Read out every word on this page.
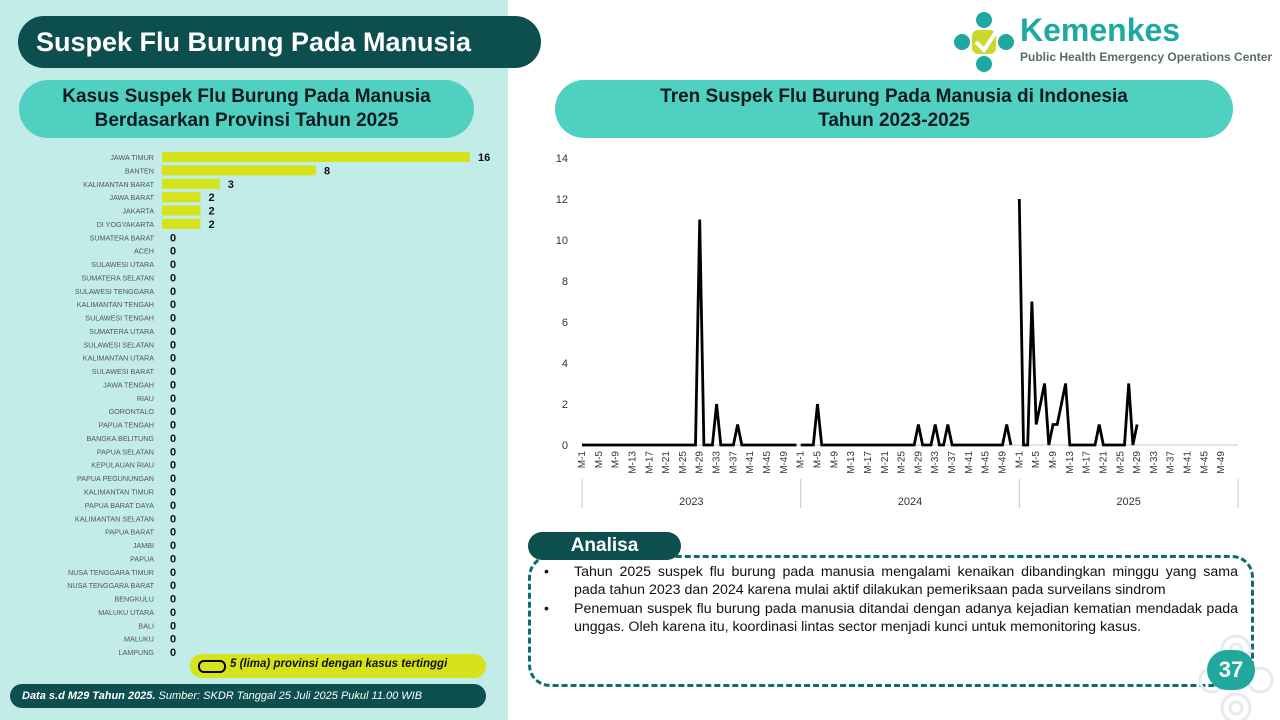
Suspek Flu Burung Pada Manusia
Kasus Suspek Flu Burung Pada Manusia
Berdasarkan Provinsi Tahun 2025
Tren Suspek Flu Burung Pada Manusia di Indonesia
Tahun 2023-2025
Kemenkes
Public Health Emergency Operations Center
JAWA TIMUR	16
BANTEN	8
KALIMANTAN BARAT	3
JAWA BARAT	2
JAKARTA	2
DI YOGYAKARTA	2
SUMATERA BARAT 0
ACEH 0
SULAWESI UTARA 0
SUMATERA SELATAN 0
SULAWESI TENGGARA 0
KALIMANTAN TENGAH 0
SULAWESI TENGAH 0
SUMATERA UTARA 0
SULAWESI SELATAN 0
KALIMANTAN UTARA 0
SULAWESI BARAT 0
JAWA TENGAH 0
RIAU 0
GORONTALO 0
PAPUA TENGAH 0
BANGKA BELITUNG 0
PAPUA SELATAN 0
KEPULAUAN RIAU 0
PAPUA PEGUNUNGAN 0
KALIMANTAN TIMUR 0
PAPUA BARAT DAYA 0
KALIMANTAN SELATAN 0
PAPUA BARAT 0
JAMBI 0
PAPUA 0
NUSA TENGGARA TIMUR 0
NUSA TENGGARA BARAT 0
BENGKULU 0
MALUKU UTARA 0
BALI 0
MALUKU 0
LAMPUNG 0
5 (lima) provinsi dengan kasus tertinggi
Data s.d M29 Tahun 2025. Sumber: SKDR Tanggal 25 Juli 2025 Pukul 11.00 WIB
0
2
4
6
8
10
12
14
M-1 M-5 M-9 M-13 M-17 M-21 M-25 M-29 M-33 M-37 M-41 M-45 M-49
2023
M-1 M-5 M-9 M-13 M-17 M-21 M-25 M-29 M-33 M-37 M-41 M-45 M-49
2024
M-1 M-5 M-9 M-13 M-17 M-21 M-25 M-29 M-33 M-37 M-41 M-45 M-49
2025
Analisa
• Tahun 2025 suspek flu burung pada manusia mengalami kenaikan dibandingkan minggu yang sama pada tahun 2023 dan 2024 karena mulai aktif dilakukan pemeriksaan pada surveilans sindrom
• Penemuan suspek flu burung pada manusia ditandai dengan adanya kejadian kematian mendadak pada unggas. Oleh karena itu, koordinasi lintas sector menjadi kunci untuk memonitoring kasus.
37
